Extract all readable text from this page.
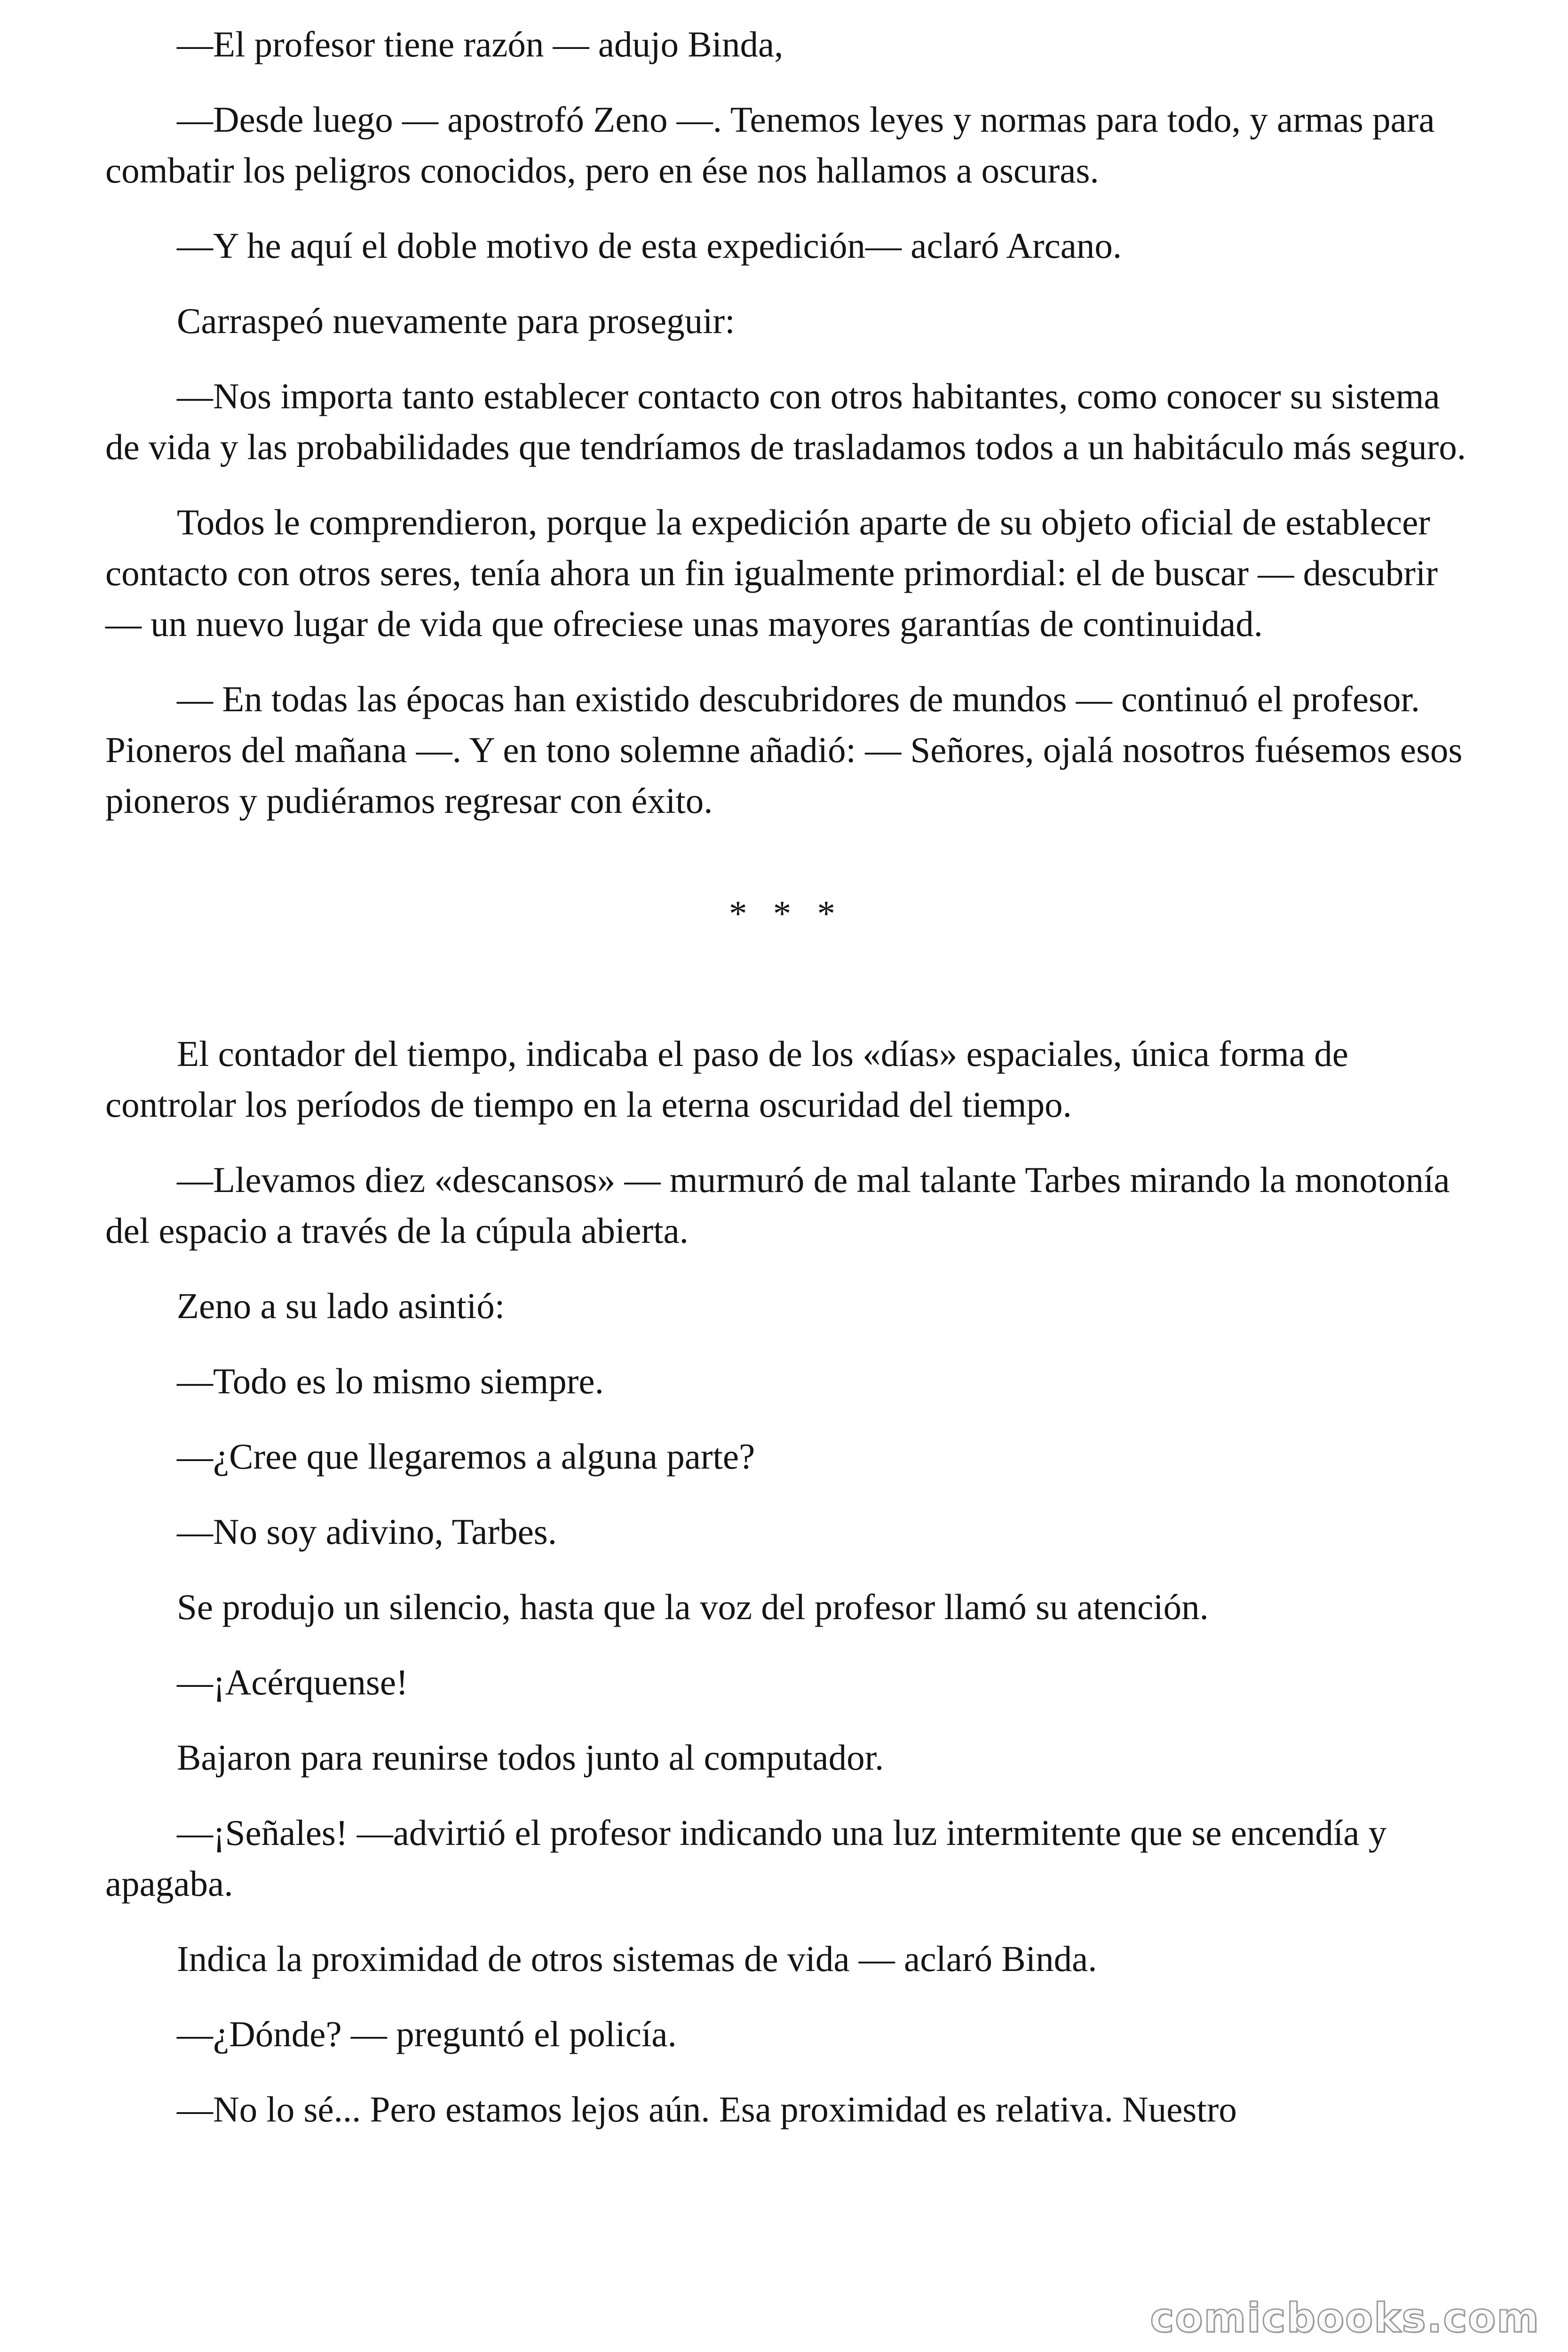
—El profesor tiene razón — adujo Binda,

—Desde luego — apostrofó Zeno —. Tenemos leyes y normas para todo, y armas para combatir los peligros conocidos, pero en ése nos hallamos a oscuras.

—Y he aquí el doble motivo de esta expedición— aclaró Arcano.

Carraspeó nuevamente para proseguir:

—Nos importa tanto establecer contacto con otros habitantes, como conocer su sistema de vida y las probabilidades que tendríamos de trasladamos todos a un habitáculo más seguro.

Todos le comprendieron, porque la expedición aparte de su objeto oficial de establecer contacto con otros seres, tenía ahora un fin igualmente primordial: el de buscar — descubrir — un nuevo lugar de vida que ofreciese unas mayores garantías de continuidad.

— En todas las épocas han existido descubridores de mundos — continuó el profesor. Pioneros del mañana —. Y en tono solemne añadió: — Señores, ojalá nosotros fuésemos esos pioneros y pudiéramos regresar con éxito.

* * *

El contador del tiempo, indicaba el paso de los «días» espaciales, única forma de controlar los períodos de tiempo en la eterna oscuridad del tiempo.

—Llevamos diez «descansos» — murmuró de mal talante Tarbes mirando la monotonía del espacio a través de la cúpula abierta.

Zeno a su lado asintió:

—Todo es lo mismo siempre.

—¿Cree que llegaremos a alguna parte?

—No soy adivino, Tarbes.

Se produjo un silencio, hasta que la voz del profesor llamó su atención.

—¡Acérquense!

Bajaron para reunirse todos junto al computador.

—¡Señales! —advirtió el profesor indicando una luz intermitente que se encendía y apagaba.

Indica la proximidad de otros sistemas de vida — aclaró Binda.

—¿Dónde? — preguntó el policía.

—No lo sé... Pero estamos lejos aún. Esa proximidad es relativa. Nuestro

comicbooks.com
